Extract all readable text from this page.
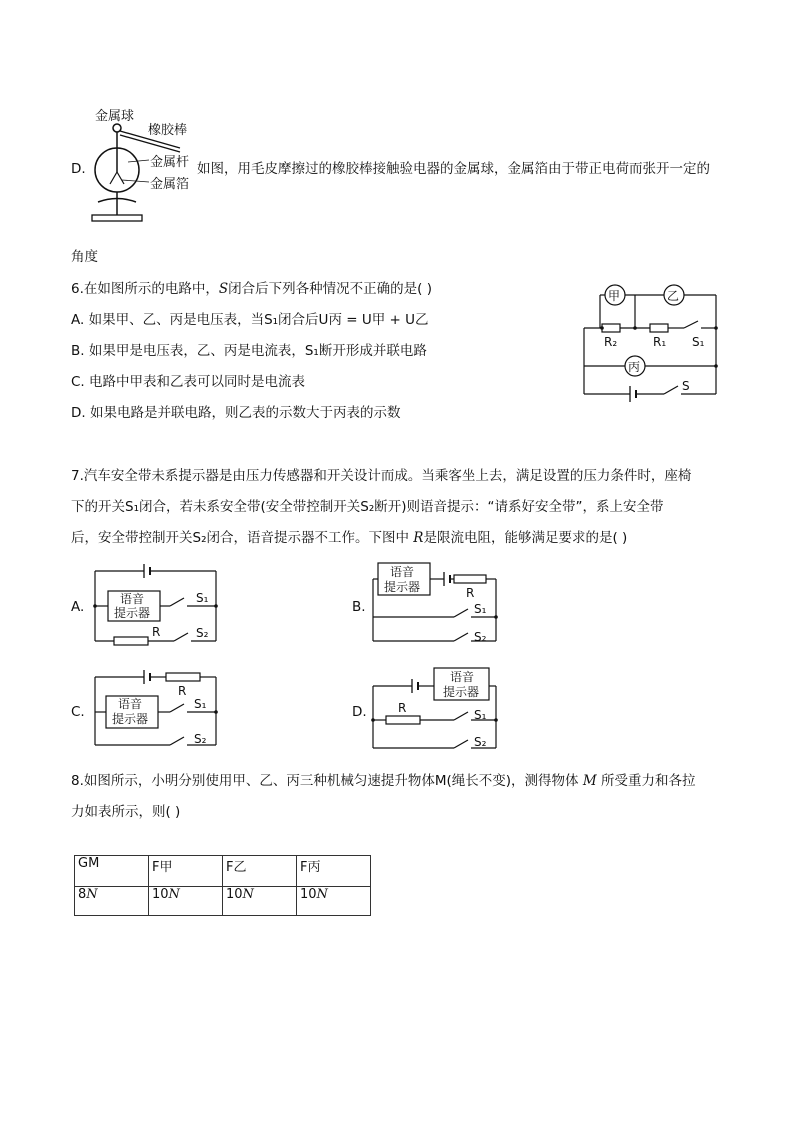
金属球
橡胶棒
金属杆
金属箔
D.	如图，用毛皮摩擦过的橡胶棒接触验电器的金属球，金属箔由于带正电荷而张开一定的
角度
6.在如图所示的电路中，S闭合后下列各种情况不正确的是( )
A. 如果甲、乙、丙是电压表，当S₁闭合后U丙 = U甲 + U乙
B. 如果甲是电压表，乙、丙是电流表，S₁断开形成并联电路
C. 电路中甲表和乙表可以同时是电流表
D. 如果电路是并联电路，则乙表的示数大于丙表的示数
甲	乙
丙
R₂	R₁ S₁
S
7.汽车安全带未系提示器是由压力传感器和开关设计而成。当乘客坐上去，满足设置的压力条件时，座椅
下的开关S₁闭合，若未系安全带(安全带控制开关S₂断开)则语音提示：“请系好安全带”，系上安全带
后，安全带控制开关S₂闭合，语音提示器不工作。下图中 R是限流电阻，能够满足要求的是( )
A.	B.
C.	D.
语音
提示器
S₁
R	S₂
语音
提示器	R
S₁
S₂
R
语音
提示器
S₁
S₂
语音
提示器
R	S₁
S₂
8.如图所示，小明分别使用甲、乙、丙三种机械匀速提升物体M(绳长不变)，测得物体 M 所受重力和各拉
力如表所示，则( )
GM	F甲	F乙	F丙
8N	10N	10N	10N
